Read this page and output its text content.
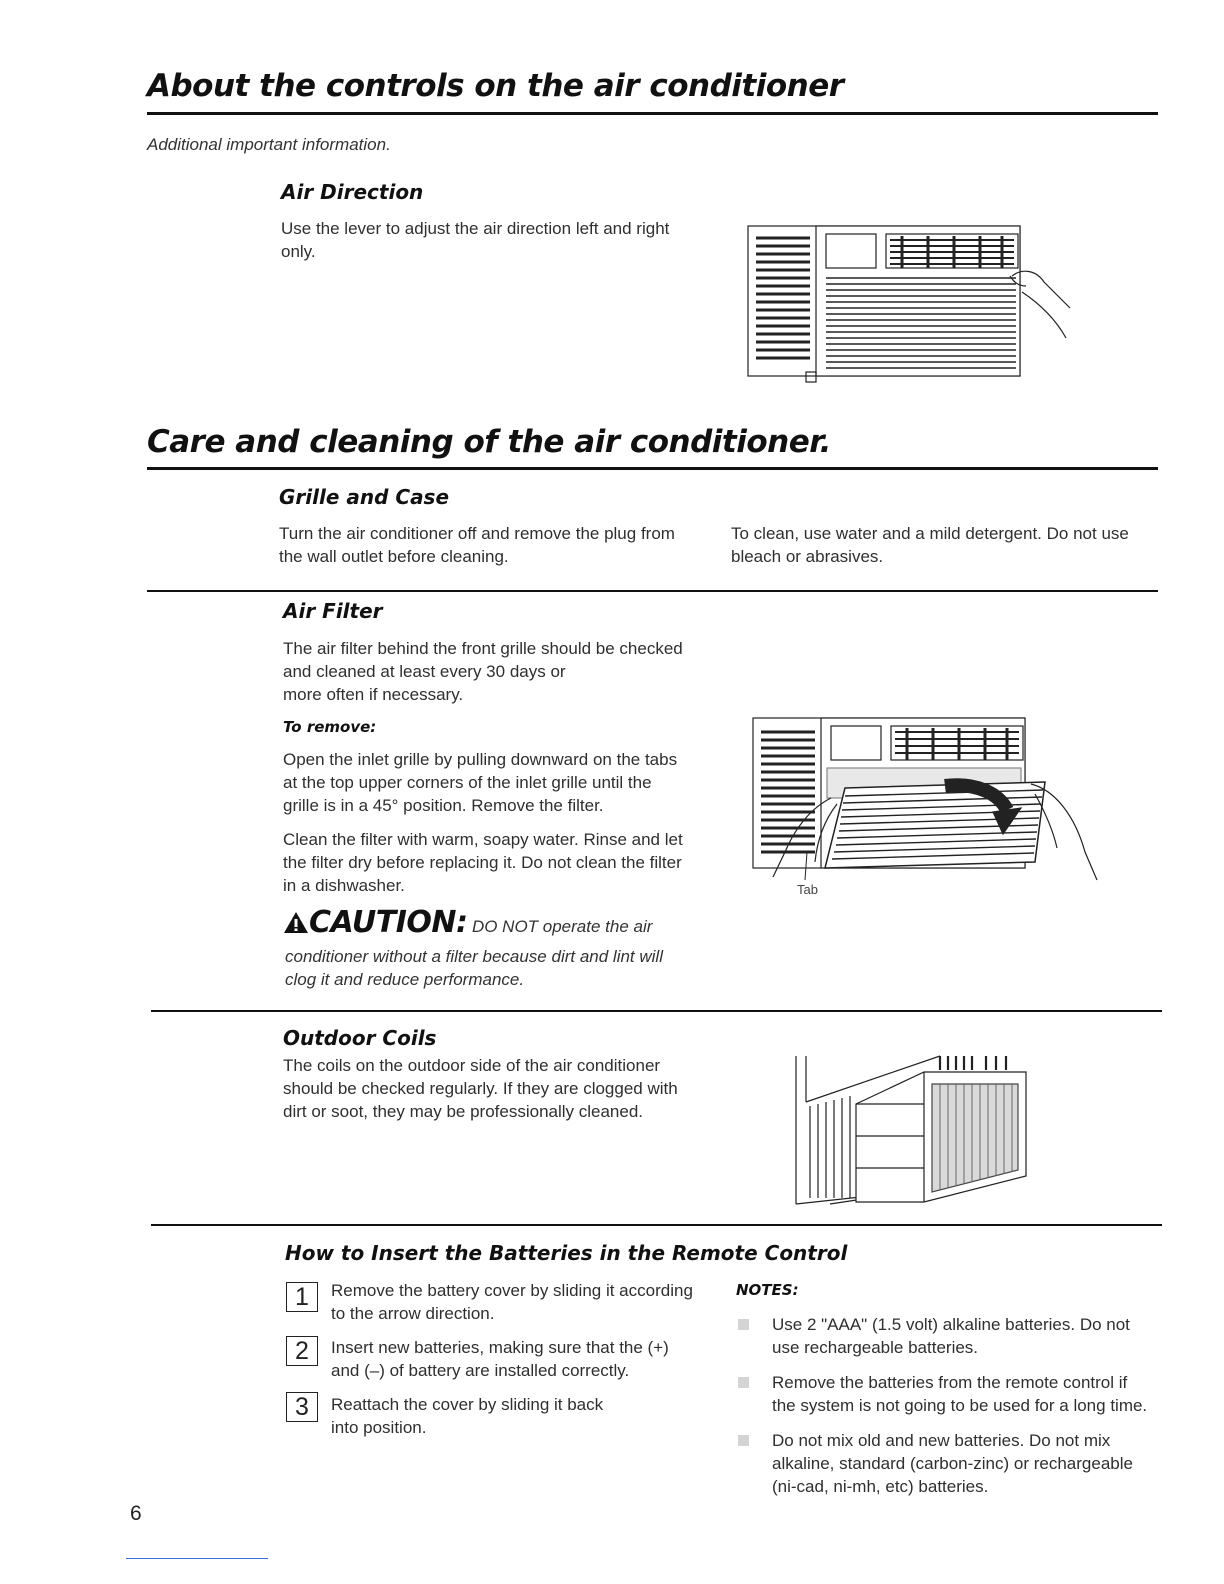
About the controls on the air conditioner
Additional important information.
Air Direction
Use the lever to adjust the air direction left and right
only.
Care and cleaning of the air conditioner.
Grille and Case
Turn the air conditioner off and remove the plug from
the wall outlet before cleaning.
To clean, use water and a mild detergent. Do not use
bleach or abrasives.
Air Filter
The air filter behind the front grille should be checked
and cleaned at least every 30 days or
more often if necessary.
To remove:
Open the inlet grille by pulling downward on the tabs
at the top upper corners of the inlet grille until the
grille is in a 45° position. Remove the filter.
Clean the filter with warm, soapy water. Rinse and let
the filter dry before replacing it. Do not clean the filter
in a dishwasher.
CAUTION: DO NOT operate the air
conditioner without a filter because dirt and lint will
clog it and reduce performance.
Tab
Outdoor Coils
The coils on the outdoor side of the air conditioner
should be checked regularly. If they are clogged with
dirt or soot, they may be professionally cleaned.
How to Insert the Batteries in the Remote Control
1	Remove the battery cover by sliding it according
to the arrow direction.
2	Insert new batteries, making sure that the (+)
and (–) of battery are installed correctly.
3	Reattach the cover by sliding it back
into position.
NOTES:
Use 2 "AAA" (1.5 volt) alkaline batteries. Do not
use rechargeable batteries.
Remove the batteries from the remote control if
the system is not going to be used for a long time.
Do not mix old and new batteries. Do not mix
alkaline, standard (carbon-zinc) or rechargeable
(ni-cad, ni-mh, etc) batteries.
6
